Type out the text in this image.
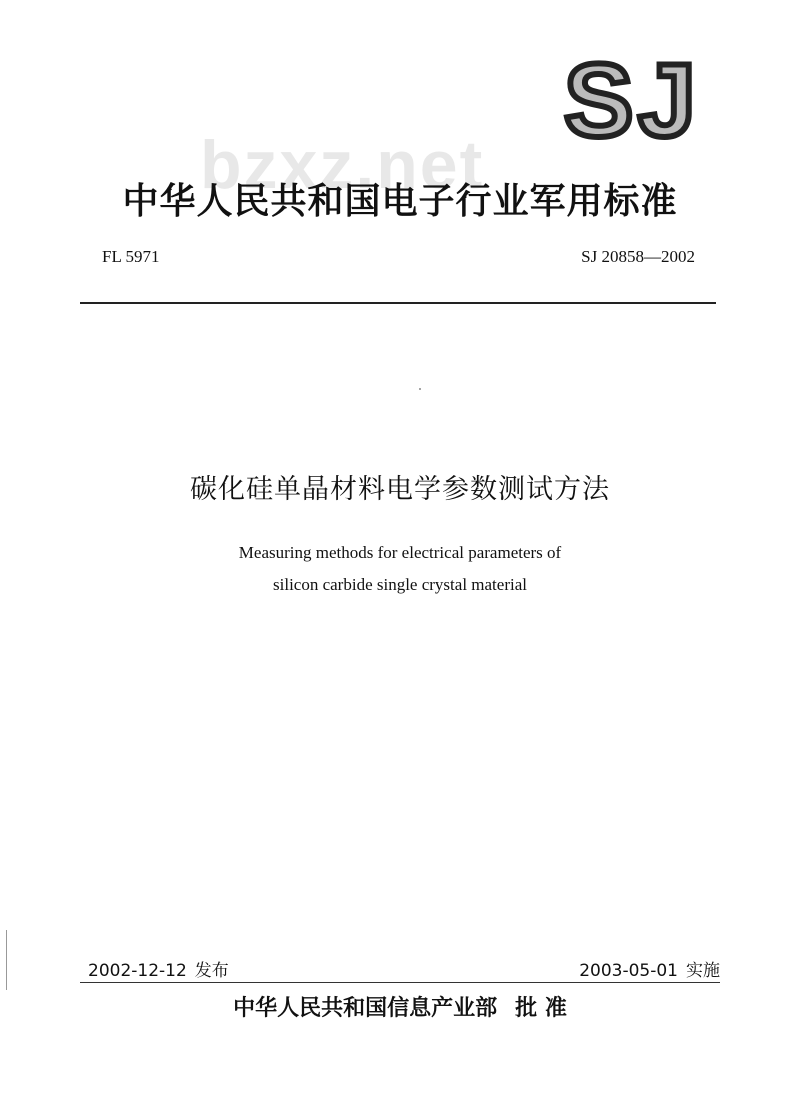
S J
bzxz.net
中华人民共和国电子行业军用标准
FL 5971	SJ 20858—2002
碳化硅单晶材料电学参数测试方法
Measuring methods for electrical parameters of
silicon carbide single crystal material
2002-12-12 发布	2003-05-01 实施
中华人民共和国信息产业部 批 准
